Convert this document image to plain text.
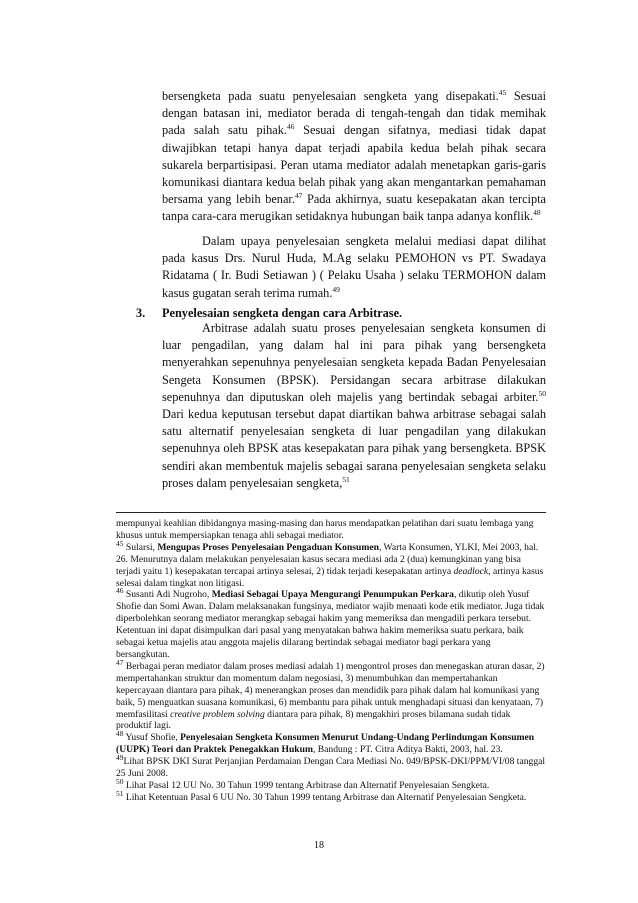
bersengketa pada suatu penyelesaian sengketa yang disepakati.$^{45}$ Sesuai dengan batasan ini, mediator berada di tengah-tengah dan tidak memihak pada salah satu pihak.$^{46}$ Sesuai dengan sifatnya, mediasi tidak dapat diwajibkan tetapi hanya dapat terjadi apabila kedua belah pihak secara sukarela berpartisipasi. Peran utama mediator adalah menetapkan garis-garis komunikasi diantara kedua belah pihak yang akan mengantarkan pemahaman bersama yang lebih benar.$^{47}$ Pada akhirnya, suatu kesepakatan akan tercipta tanpa cara-cara merugikan setidaknya hubungan baik tanpa adanya konflik.$^{48}$
Dalam upaya penyelesaian sengketa melalui mediasi dapat dilihat pada kasus Drs. Nurul Huda, M.Ag selaku PEMOHON vs PT. Swadaya Ridatama ( Ir. Budi Setiawan ) ( Pelaku Usaha ) selaku TERMOHON dalam kasus gugatan serah terima rumah.$^{49}$
3. Penyelesaian sengketa dengan cara Arbitrase.
Arbitrase adalah suatu proses penyelesaian sengketa konsumen di luar pengadilan, yang dalam hal ini para pihak yang bersengketa menyerahkan sepenuhnya penyelesaian sengketa kepada Badan Penyelesaian Sengeta Konsumen (BPSK). Persidangan secara arbitrase dilakukan sepenuhnya dan diputuskan oleh majelis yang bertindak sebagai arbiter.$^{50}$ Dari kedua keputusan tersebut dapat diartikan bahwa arbitrase sebagai salah satu alternatif penyelesaian sengketa di luar pengadilan yang dilakukan sepenuhnya oleh BPSK atas kesepakatan para pihak yang bersengketa. BPSK sendiri akan membentuk majelis sebagai sarana penyelesaian sengketa selaku proses dalam penyelesaian sengketa,$^{51}$

mempunyai keahlian dibidangnya masing-masing dan harus mendapatkan pelatihan dari suatu lembaga yang khusus untuk mempersiapkan tenaga ahli sebagai mediator.

$^{45}$ Sularsi, Mengupas Proses Penyelesaian Pengaduan Konsumen, Warta Konsumen, YLKI, Mei 2003, hal. 26. Menurutnya dalam melakukan penyelesaian kasus secara mediasi ada 2 (dua) kemungkinan yang bisa terjadi yaitu 1) kesepakatan tercapai artinya selesai, 2) tidak terjadi kesepakatan artinya deadlock, artinya kasus selesai dalam tingkat non litigasi.

$^{46}$ Susanti Adi Nugroho, Mediasi Sebagai Upaya Mengurangi Penumpukan Perkara, dikutip oleh Yusuf Shofie dan Somi Awan. Dalam melaksanakan fungsinya, mediator wajib menaati kode etik mediator. Juga tidak diperbolehkan seorang mediator merangkap sebagai hakim yang memeriksa dan mengadili perkara tersebut. Ketentuan ini dapat disimpulkan dari pasal yang menyatakan bahwa hakim memeriksa suatu perkara, baik sebagai ketua majelis atau anggota majelis dilarang bertindak sebagai mediator bagi perkara yang bersangkutan.

$^{47}$ Berbagai peran mediator dalam proses mediasi adalah 1) mengontrol proses dan menegaskan aturan dasar, 2) mempertahankan struktur dan momentum dalam negosiasi, 3) menumbuhkan dan mempertahankan kepercayaan diantara para pihak, 4) menerangkan proses dan mendidik para pihak dalam hal komunikasi yang baik, 5) menguatkan suasana komunikasi, 6) membantu para pihak untuk menghadapi situasi dan kenyataan, 7) memfasilitasi creative problem solving diantara para pihak, 8) mengakhiri proses bilamana sudah tidak produktif lagi.

$^{48}$ Yusuf Shofie, Penyelesaian Sengketa Konsumen Menurut Undang-Undang Perlindungan Konsumen (UUPK) Teori dan Praktek Penegakkan Hukum, Bandung : PT. Citra Aditya Bakti, 2003, hal. 23.

$^{49}$Lihat BPSK DKI Surat Perjanjian Perdamaian Dengan Cara Mediasi No. 049/BPSK-DKI/PPM/VI/08 tanggal 25 Juni 2008.

$^{50}$ Lihat Pasal 12 UU No. 30 Tahun 1999 tentang Arbitrase dan Alternatif Penyelesaian Sengketa.

$^{51}$ Lihat Ketentuan Pasal 6 UU No. 30 Tahun 1999 tentang Arbitrase dan Alternatif Penyelesaian Sengketa.

18
